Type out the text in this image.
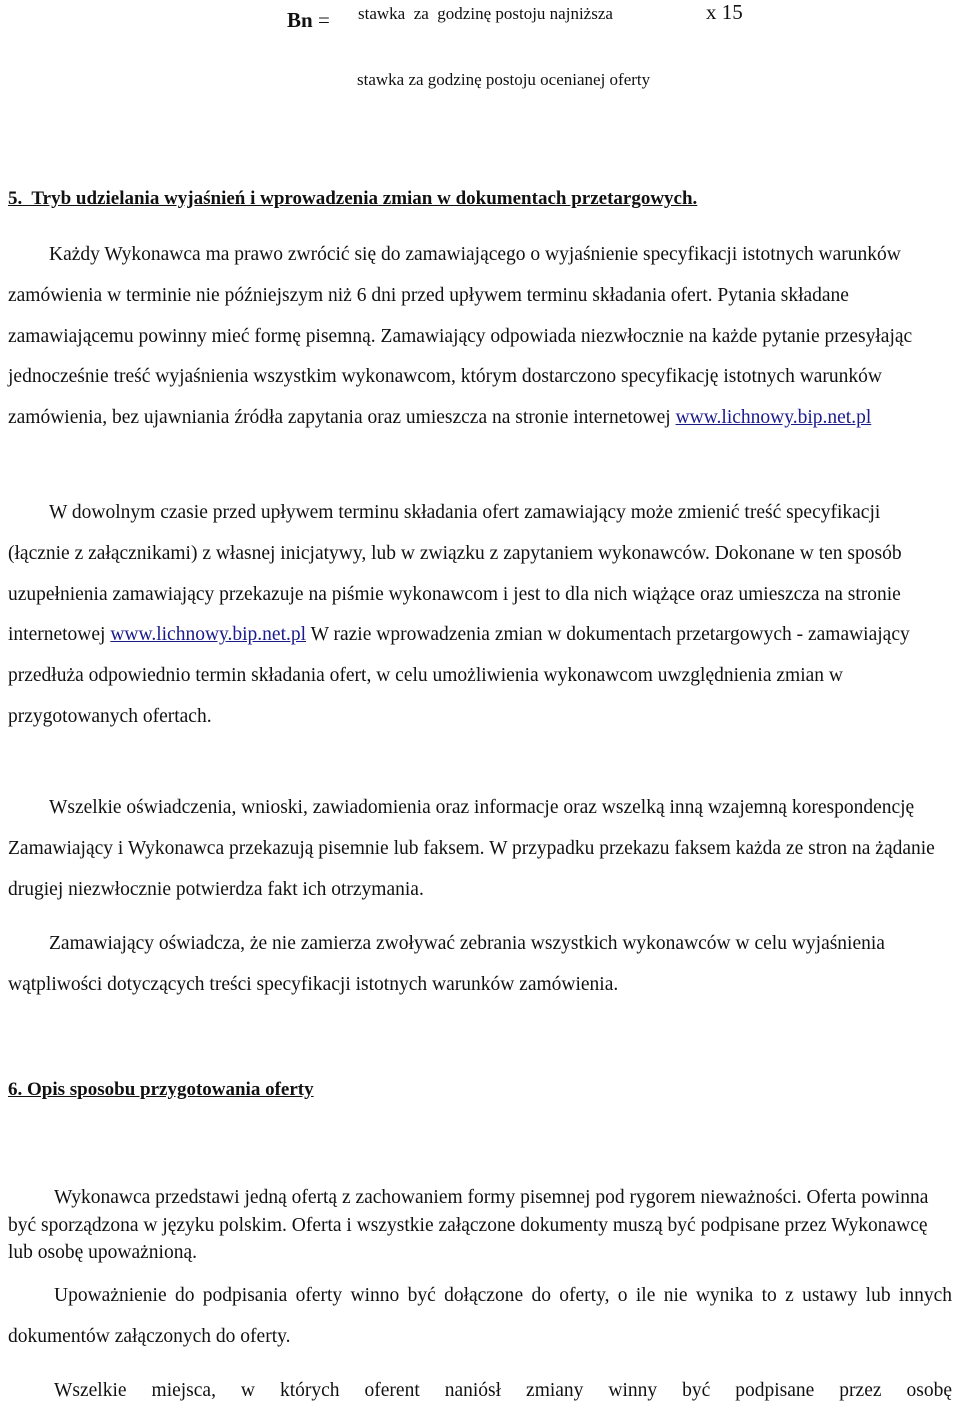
Bn = stawka  za  godzinę postoju najniższa	x 15
stawka za godzinę postoju ocenianej oferty
5.  Tryb udzielania wyjaśnień i wprowadzenia zmian w dokumentach przetargowych.
Każdy Wykonawca ma prawo zwrócić się do zamawiającego o wyjaśnienie specyfikacji istotnych warunków zamówienia w terminie nie późniejszym niż 6 dni przed upływem terminu składania ofert. Pytania składane zamawiającemu powinny mieć formę pisemną. Zamawiający odpowiada niezwłocznie na każde pytanie przesyłając jednocześnie treść wyjaśnienia wszystkim wykonawcom, którym dostarczono specyfikację istotnych warunków zamówienia, bez ujawniania źródła zapytania oraz umieszcza na stronie internetowej www.lichnowy.bip.net.pl
W dowolnym czasie przed upływem terminu składania ofert zamawiający może zmienić treść specyfikacji (łącznie z załącznikami) z własnej inicjatywy, lub w związku z zapytaniem wykonawców. Dokonane w ten sposób uzupełnienia zamawiający przekazuje na piśmie wykonawcom i jest to dla nich wiążące oraz umieszcza na stronie internetowej www.lichnowy.bip.net.pl W razie wprowadzenia zmian w dokumentach przetargowych - zamawiający przedłuża odpowiednio termin składania ofert, w celu umożliwienia wykonawcom uwzględnienia zmian w przygotowanych ofertach.
Wszelkie oświadczenia, wnioski, zawiadomienia oraz informacje oraz wszelką inną wzajemną korespondencję Zamawiający i Wykonawca przekazują pisemnie lub faksem. W przypadku przekazu faksem każda ze stron na żądanie drugiej niezwłocznie potwierdza fakt ich otrzymania.
Zamawiający oświadcza, że nie zamierza zwoływać zebrania wszystkich wykonawców w celu wyjaśnienia wątpliwości dotyczących treści specyfikacji istotnych warunków zamówienia.
6. Opis sposobu przygotowania oferty
Wykonawca przedstawi jedną ofertą z zachowaniem formy pisemnej pod rygorem nieważności. Oferta powinna być sporządzona w języku polskim. Oferta i wszystkie załączone dokumenty muszą być podpisane przez Wykonawcę lub osobę upoważnioną.
Upoważnienie do podpisania oferty winno być dołączone do oferty, o ile nie wynika to z ustawy lub innych dokumentów załączonych do oferty.
Wszelkie miejsca, w których oferent naniósł zmiany winny być podpisane przez osobę
